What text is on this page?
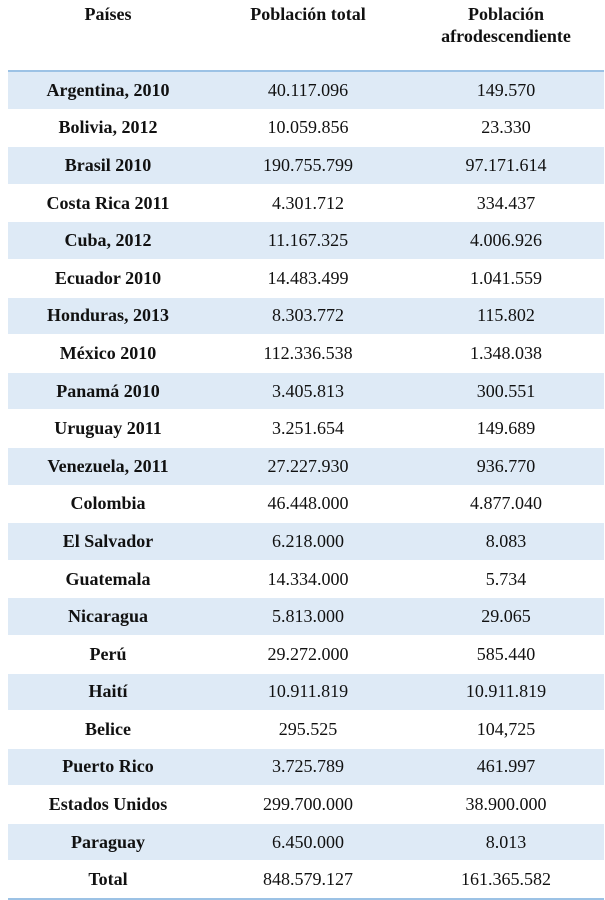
Países	Población total	Población
afrodescendiente
Argentina, 2010	40.117.096	149.570
Bolivia, 2012	10.059.856	23.330
Brasil 2010	190.755.799	97.171.614
Costa Rica 2011	4.301.712	334.437
Cuba, 2012	11.167.325	4.006.926
Ecuador 2010	14.483.499	1.041.559
Honduras, 2013	8.303.772	115.802
México 2010	112.336.538	1.348.038
Panamá 2010	3.405.813	300.551
Uruguay 2011	3.251.654	149.689
Venezuela, 2011	27.227.930	936.770
Colombia	46.448.000	4.877.040
El Salvador	6.218.000	8.083
Guatemala	14.334.000	5.734
Nicaragua	5.813.000	29.065
Perú	29.272.000	585.440
Haití	10.911.819	10.911.819
Belice	295.525	104,725
Puerto Rico	3.725.789	461.997
Estados Unidos	299.700.000	38.900.000
Paraguay	6.450.000	8.013
Total	848.579.127	161.365.582
